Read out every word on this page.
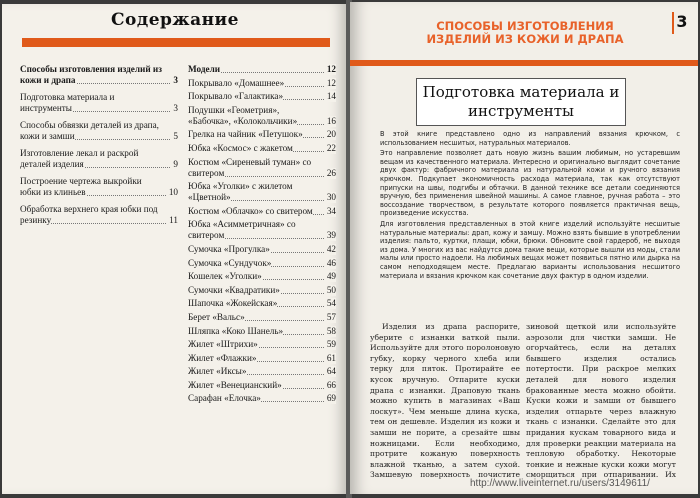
Содержание
Способы изготовления изделий из кожи и драпа	3
Подготовка материала и инструменты	3
Способы обвязки деталей из драпа, кожи и замши	5
Изготовление лекал и раскрой деталей изделия	9
Построение чертежа выкройки юбки из клиньев	10
Обработка верхнего края юбки под резинку	11
Модели	12
Покрывало «Домашнее»	12
Покрывало «Галактика»	14
Подушки «Геометрия», «Бабочка», «Колокольчики»	16
Грелка на чайник «Петушок»	20
Юбка «Космос» с жакетом	22
Костюм «Сиреневый туман» со свитером	26
Юбка «Уголки» с жилетом «Цветной»	30
Костюм «Облачко» со свитером	34
Юбка «Асимметричная» со свитером	39
Сумочка «Прогулка»	42
Сумочка «Сундучок»	46
Кошелек «Уголки»	49
Сумочки «Квадратики»	50
Шапочка «Жокейская»	54
Берет «Вальс»	57
Шляпка «Коко Шанель»	58
Жилет «Штрихи»	59
Жилет «Флажки»	61
Жилет «Иксы»	64
Жилет «Венецианский»	66
Сарафан «Елочка»	69
3
СПОСОБЫ ИЗГОТОВЛЕНИЯ ИЗДЕЛИЙ ИЗ КОЖИ И ДРАПА
Подготовка материала и инструменты

В этой книге представлено одно из направлений вязания крючком, с использованием несшитых, натуральных материалов.

Это направление позволяет дать новую жизнь вашим любимым, но устаревшим вещам из качественного материала. Интересно и оригинально выглядит сочетание двух фактур: фабричного материала из натуральной кожи и ручного вязания крючком. Подкупает экономичность расхода материала, так как отсутствуют припуски на швы, подгибы и обтачки. В данной технике все детали соединяются вручную, без применения швейной машины. А самое главное, ручная работа – это воссоздание творчеством, в результате которого появляется практичная вещь, произведение искусства.

Для изготовления представленных в этой книге изделий используйте несшитые натуральные материалы: драп, кожу и замшу. Можно взять бывшие в употреблении изделия: пальто, куртки, плащи, юбки, брюки. Обновите свой гардероб, не выходя из дома. У многих из вас найдутся дома такие вещи, которые вышли из моды, стали малы или просто надоели. На любимых вещах может появиться пятно или дырка на самом неподходящем месте. Предлагаю варианты использования несшитого материала и вязания крючком как сочетание двух фактур в одном изделии.

Изделия из драпа распорите, уберите с изнанки ваткой пыли. Используйте для этого поролоновую губку, корку черного хлеба или терку для пяток. Протирайте ее кусок вручную. Отпарите куски драпа с изнанки. Драповую ткань можно купить в магазинах «Ваш лоскут». Чем меньше длина куска, тем он дешевле. Изделия из кожи и замши не порите, а срезайте швы ножницами. Если необходимо, протрите кожаную поверхность влажной тканью, а затем сухой. Замшевую поверхность почистите

зиновой щеткой или используйте аэрозоли для чистки замши. Не огорчайтесь, если на деталях бывшего изделия остались потертости. При раскрое мелких деталей для нового изделия бракованные места можно обойти. Куски кожи и замши от бывшего изделия отпарьте через влажную ткань с изнанки. Сделайте это для придания кускам товарного вида и для проверки реакции материала на тепловую обработку. Некоторые тонкие и нежные куски кожи могут сморщиться при отпаривании. Их

http://www.liveinternet.ru/users/3149611/
